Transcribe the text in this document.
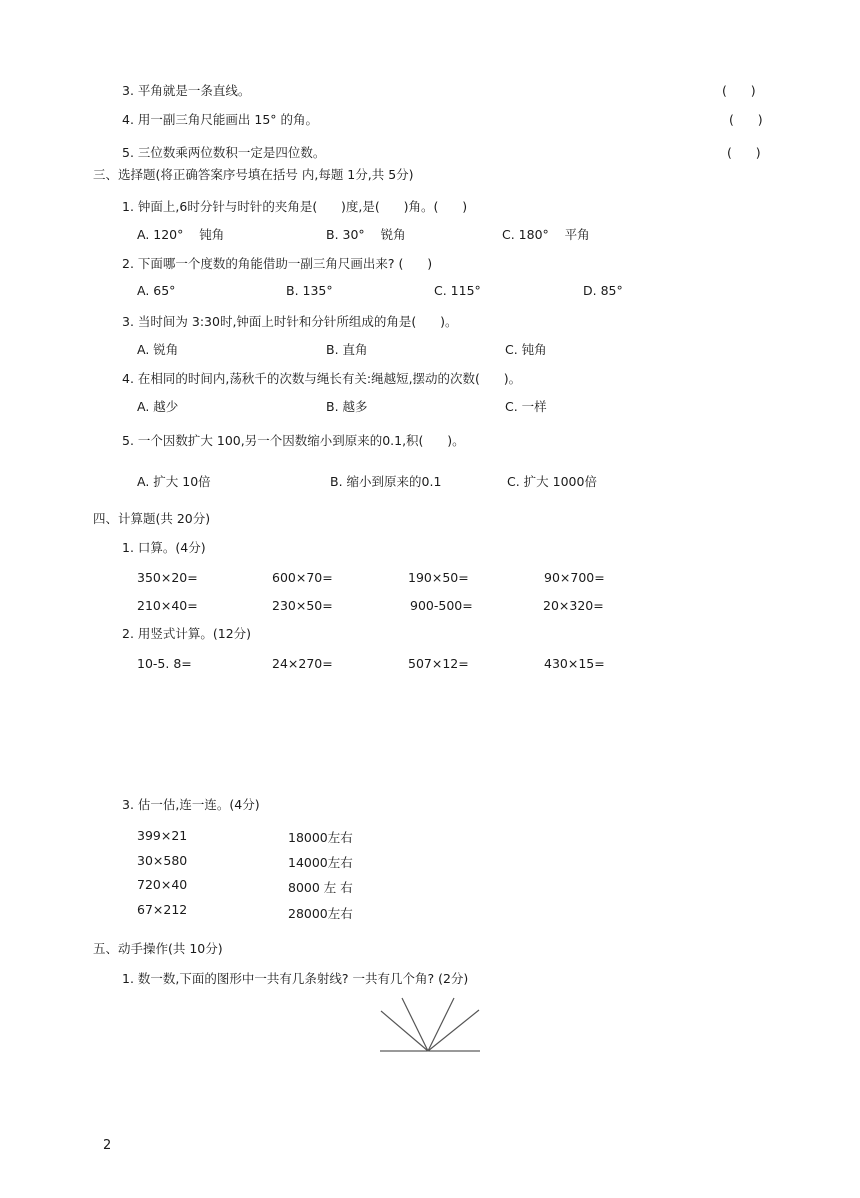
3. 平角就是一条直线。	(      )
4. 用一副三角尺能画出 15° 的角。	(      )
5. 三位数乘两位数积一定是四位数。	(      )
三、选择题(将正确答案序号填在括号 内,每题 1分,共 5分)
1. 钟面上,6时分针与时针的夹角是(      )度,是(      )角。(      )
A. 120°    钝角	B. 30°    锐角	C. 180°    平角
2. 下面哪一个度数的角能借助一副三角尺画出来? (      )
A. 65°	B. 135°	C. 115°	D. 85°
3. 当时间为 3:30时,钟面上时针和分针所组成的角是(      )。
A. 锐角	B. 直角	C. 钝角
4. 在相同的时间内,荡秋千的次数与绳长有关:绳越短,摆动的次数(      )。
A. 越少	B. 越多	C. 一样
5. 一个因数扩大 100,另一个因数缩小到原来的0.1,积(      )。
A. 扩大 10倍	B. 缩小到原来的0.1	C. 扩大 1000倍
四、计算题(共 20分)
1. 口算。(4分)
350×20=	600×70=	190×50=	90×700=
210×40=	230×50=	900-500=	20×320=
2. 用竖式计算。(12分)
10-5. 8=	24×270=	507×12=	430×15=
3. 估一估,连一连。(4分)
399×21
30×580
720×40
67×212
18000左右
14000左右
8000 左 右
28000左右
五、动手操作(共 10分)
1. 数一数,下面的图形中一共有几条射线? 一共有几个角? (2分)
2
